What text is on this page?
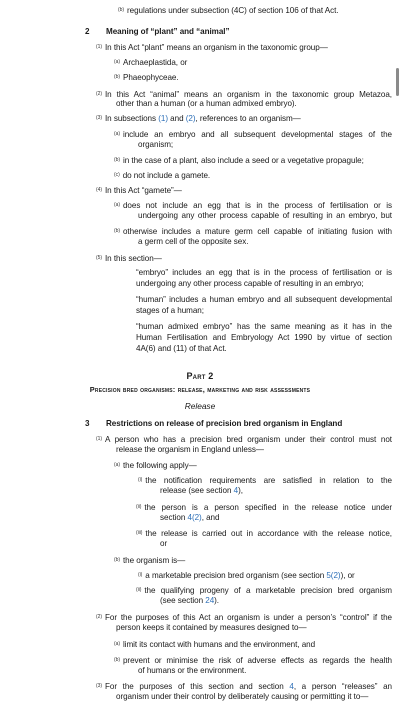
$^{(b)}$ regulations under subsection (4C) of section 106 of that Act.
2 Meaning of “plant” and “animal”
$^{(1)}$ In this Act “plant” means an organism in the taxonomic group—
$^{(a)}$ Archaeplastida, or
$^{(b)}$ Phaeophyceae.
$^{(2)}$ In this Act “animal” means an organism in the taxonomic group Metazoa,
other than a human (or a human admixed embryo).
$^{(3)}$ In subsections (1) and (2), references to an organism—
$^{(a)}$ include an embryo and all subsequent developmental stages of the
organism;
$^{(b)}$ in the case of a plant, also include a seed or a vegetative propagule;
$^{(c)}$ do not include a gamete.
$^{(4)}$ In this Act “gamete”—
$^{(a)}$ does not include an egg that is in the process of fertilisation or is
undergoing any other process capable of resulting in an embryo, but
$^{(b)}$ otherwise includes a mature germ cell capable of initiating fusion with
a germ cell of the opposite sex.
$^{(5)}$ In this section—
“embryo” includes an egg that is in the process of fertilisation or is
undergoing any other process capable of resulting in an embryo;
“human” includes a human embryo and all subsequent developmental
stages of a human;
“human admixed embryo” has the same meaning as it has in the
Human Fertilisation and Embryology Act 1990 by virtue of section
4A(6) and (11) of that Act.
Part 2
Precision bred organisms: release, marketing and risk assessments
Release
3 Restrictions on release of precision bred organism in England
$^{(1)}$ A person who has a precision bred organism under their control must not
release the organism in England unless—
$^{(a)}$ the following apply—
$^{(i)}$ the notification requirements are satisfied in relation to the
release (see section 4),
$^{(ii)}$ the person is a person specified in the release notice under
section 4(2), and
$^{(iii)}$ the release is carried out in accordance with the release notice,
or
$^{(b)}$ the organism is—
$^{(i)}$ a marketable precision bred organism (see section 5(2)), or
$^{(ii)}$ the qualifying progeny of a marketable precision bred organism
(see section 24).
$^{(2)}$ For the purposes of this Act an organism is under a person’s “control” if the
person keeps it contained by measures designed to—
$^{(a)}$ limit its contact with humans and the environment, and
$^{(b)}$ prevent or minimise the risk of adverse effects as regards the health
of humans or the environment.
$^{(3)}$ For the purposes of this section and section 4, a person “releases” an
organism under their control by deliberately causing or permitting it to—
